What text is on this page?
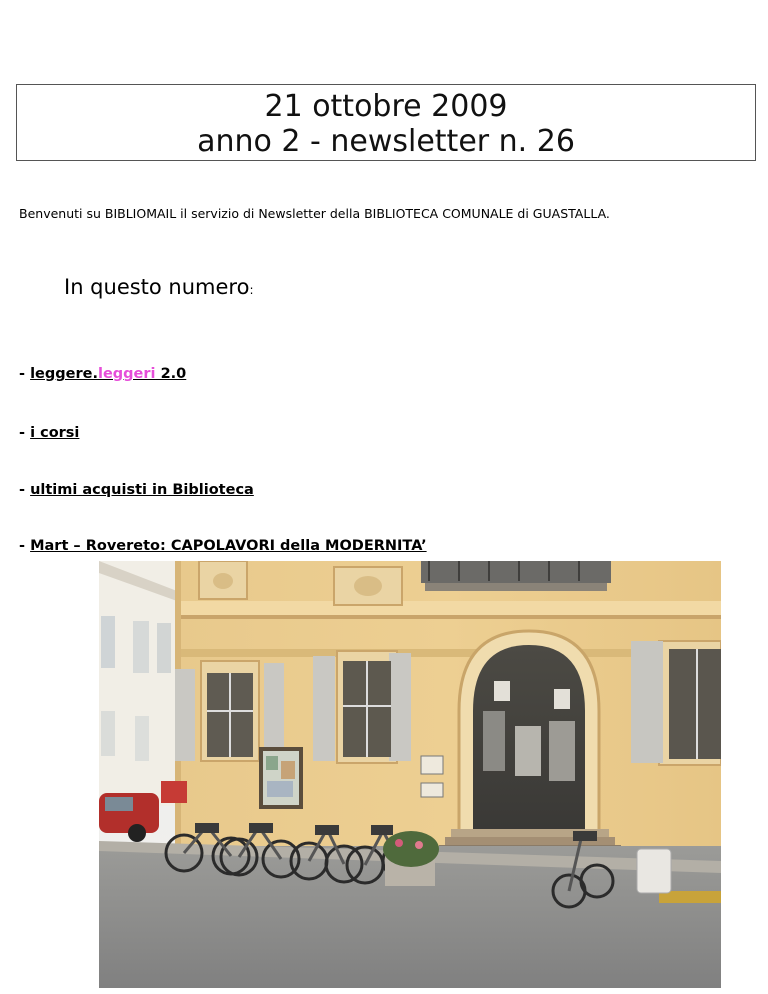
21 ottobre 2009
anno 2 - newsletter n. 26
Benvenuti su BIBLIOMAIL il servizio di Newsletter della BIBLIOTECA COMUNALE di GUASTALLA.
In questo numero:
- leggere.leggeri 2.0
- i corsi
- ultimi acquisti in Biblioteca
- Mart – Rovereto: CAPOLAVORI della MODERNITA’
